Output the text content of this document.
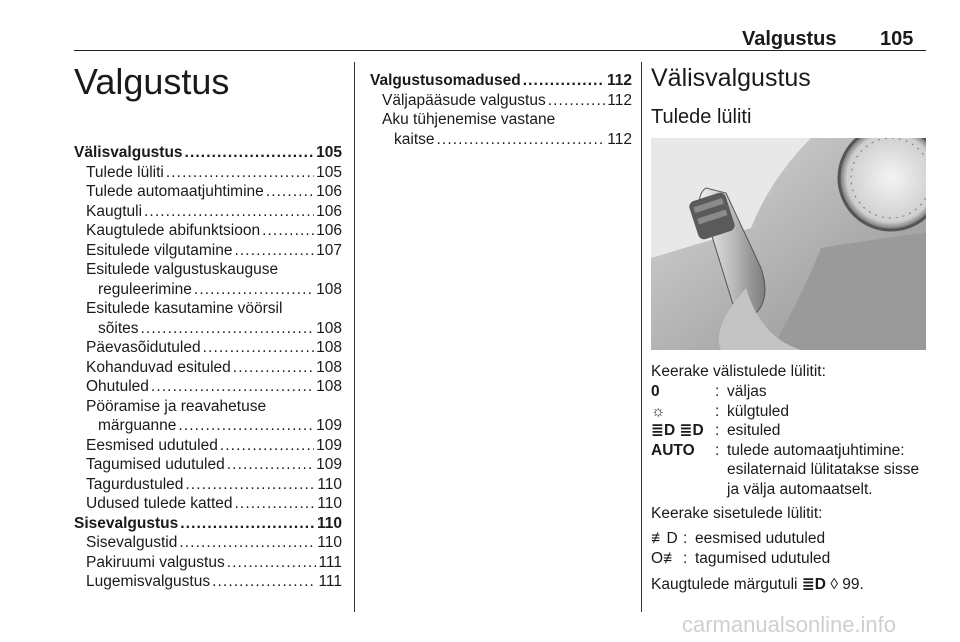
Valgustus 105
Valgustus
Välisvalgustus . . .	105
Tulede lüliti . . .	105
Tulede automaatjuhtimine . . .	106
Kaugtuli . . .	106
Kaugtulede abifunktsioon . . .	106
Esitulede vilgutamine . . .	107
Esitulede valgustuskauguse
reguleerimine . . .	108
Esitulede kasutamine vöörsil
sõites . . .	108
Päevasõidutuled . . .	108
Kohanduvad esituled . . .	108
Ohutuled . . .	108
Pööramise ja reavahetuse
märguanne . . .	109
Eesmised udutuled . . .	109
Tagumised udutuled . . .	109
Tagurdustuled . . .	110
Udused tulede katted . . .	110
Sisevalgustus . . .	110
Sisevalgustid . . .	110
Pakiruumi valgustus . . .	111
Lugemisvalgustus . . .	111
Valgustusomadused . . .	112
Väljapääsude valgustus . . .	112
Aku tühjenemise vastane
kaitse . . .	112
Välisvalgustus
Tulede lüliti
Keerake välistulede lülitit:
0	: väljas
☼	: külgtuled
≣D ≣D : esituled
AUTO	: tulede automaatjuhtimine:
esilaternaid lülitatakse sisse
ja välja automaatselt.
Keerake sisetulede lülitit:
≢D : eesmised udutuled
O≢ : tagumised udutuled
Kaugtulede märgutuli ≣D ◊ 99.
carmanualsonline.info
